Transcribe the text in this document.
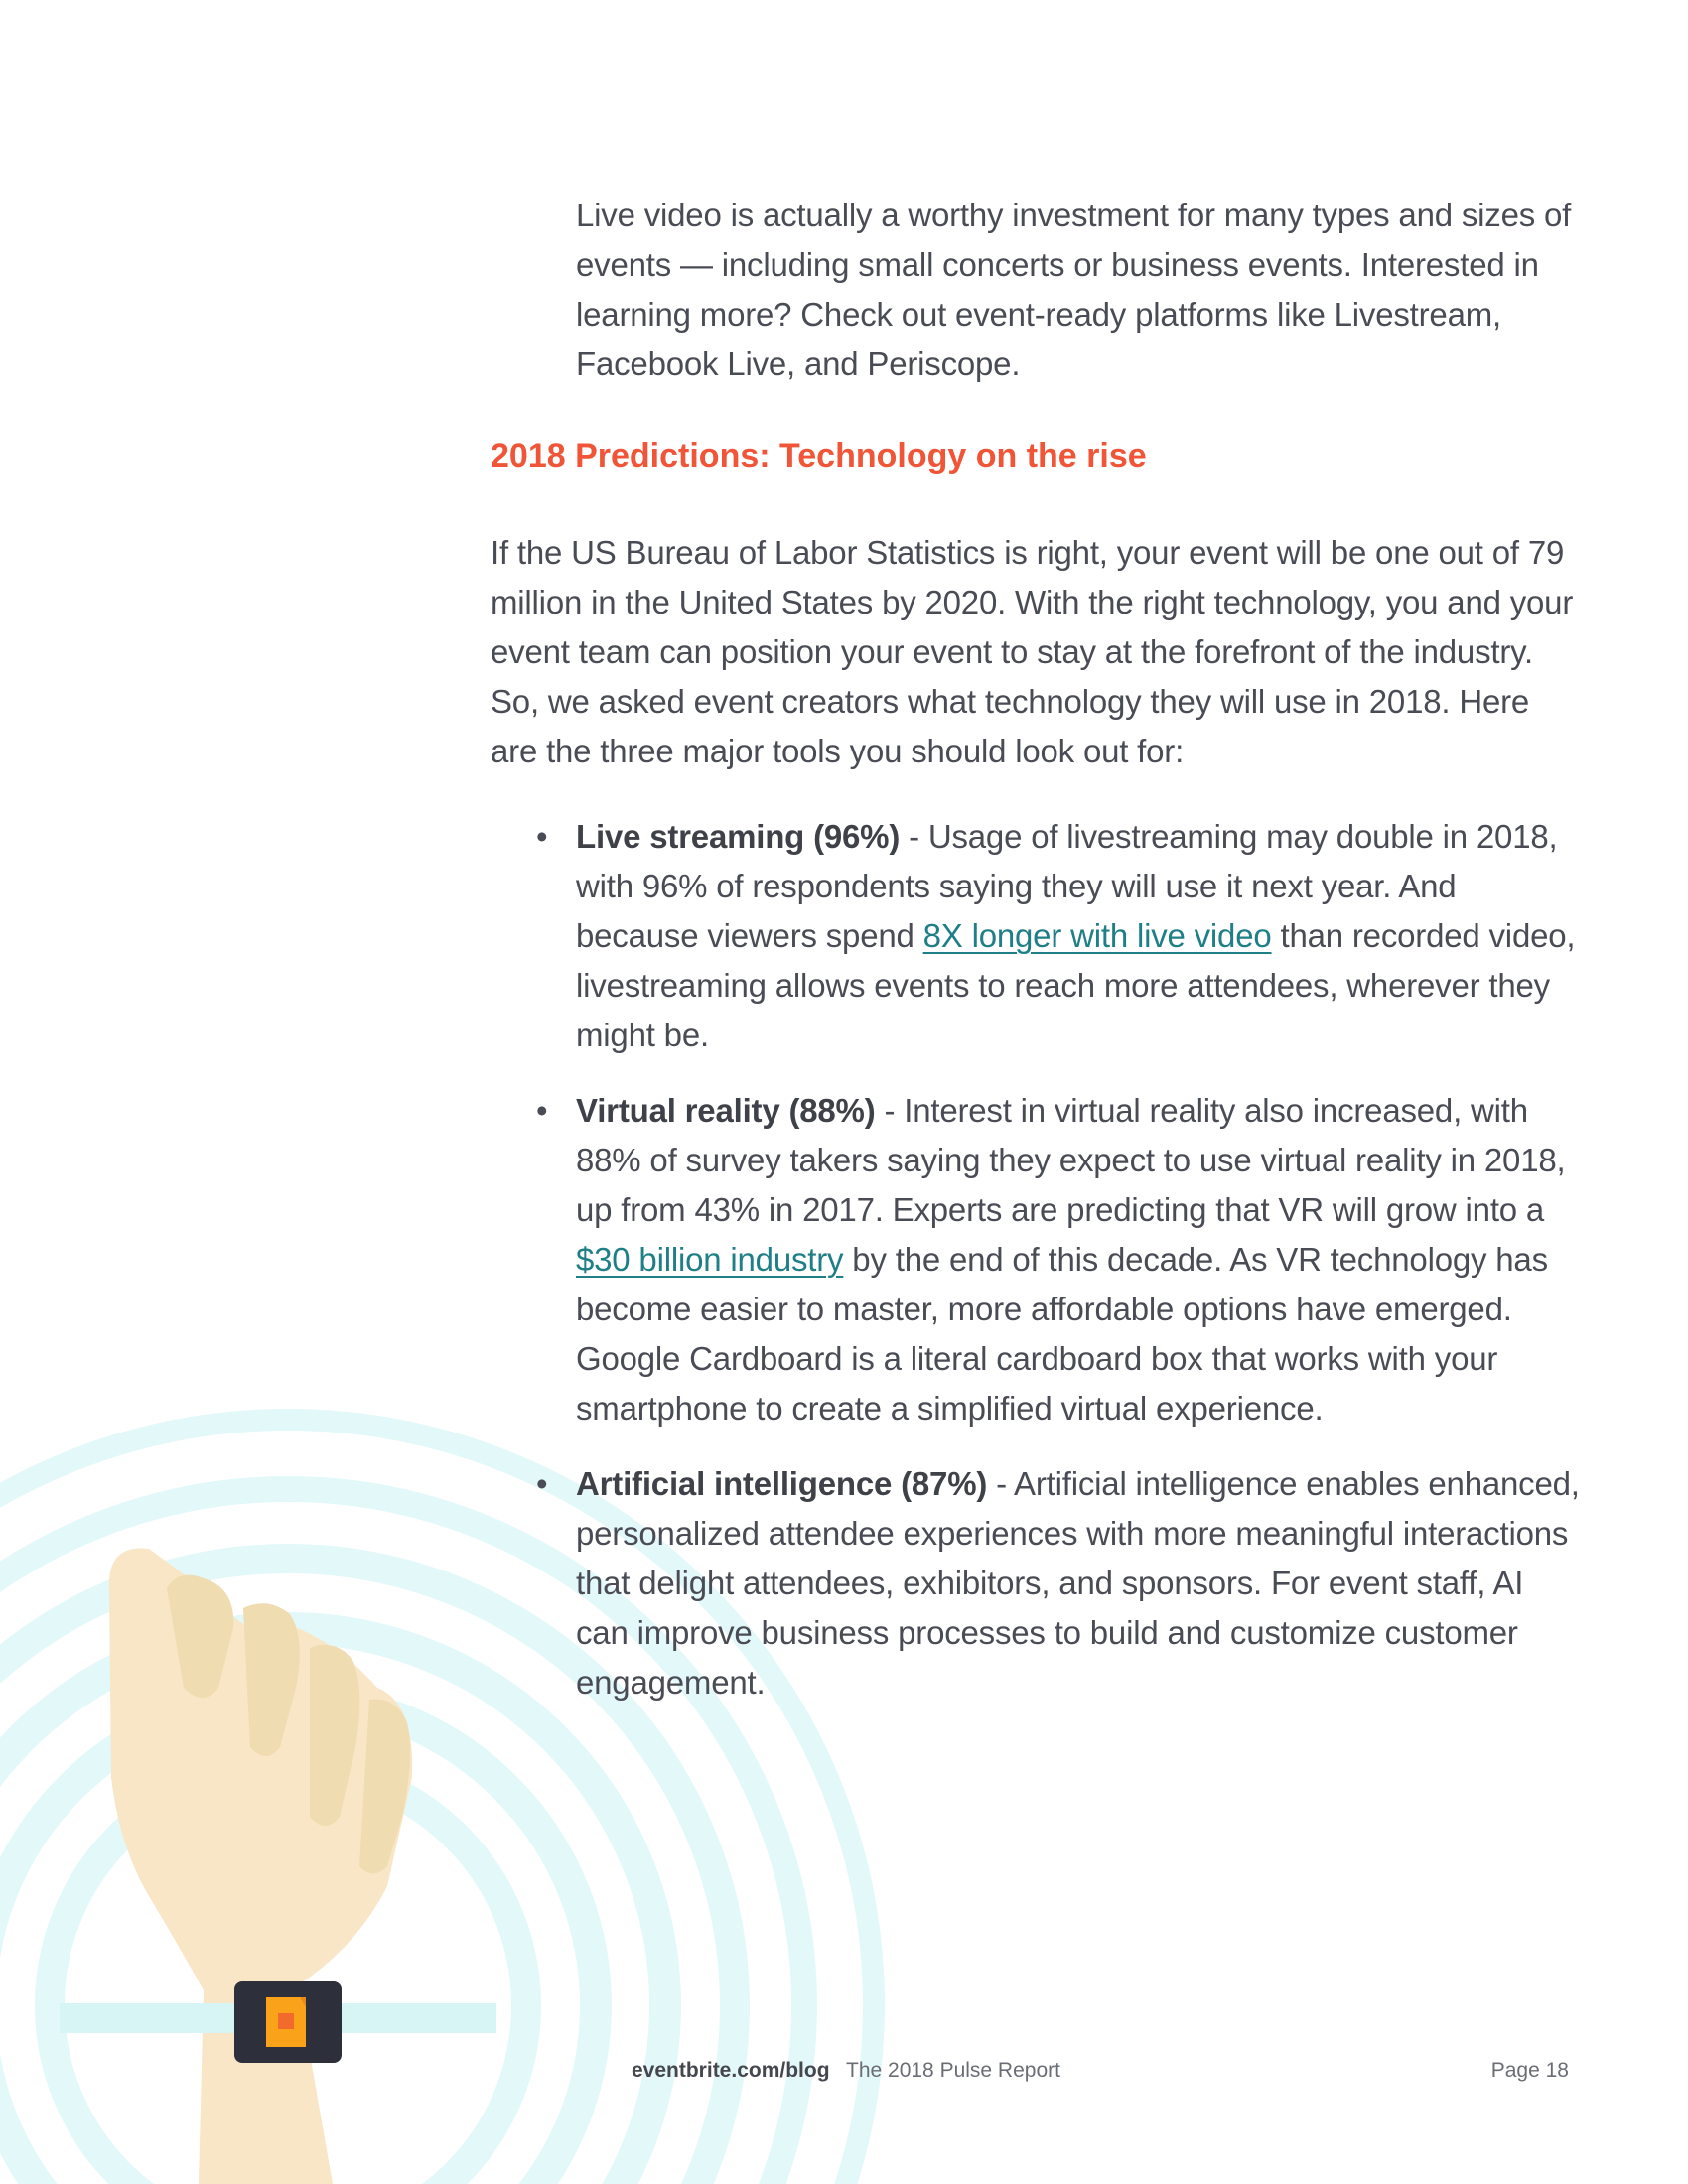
Live video is actually a worthy investment for many types and sizes of events — including small concerts or business events. Interested in learning more? Check out event-ready platforms like Livestream, Facebook Live, and Periscope.

2018 Predictions: Technology on the rise

If the US Bureau of Labor Statistics is right, your event will be one out of 79 million in the United States by 2020. With the right technology, you and your event team can position your event to stay at the forefront of the industry. So, we asked event creators what technology they will use in 2018. Here are the three major tools you should look out for:

• Live streaming (96%) - Usage of livestreaming may double in 2018, with 96% of respondents saying they will use it next year. And because viewers spend 8X longer with live video than recorded video, livestreaming allows events to reach more attendees, wherever they might be.
• Virtual reality (88%) - Interest in virtual reality also increased, with 88% of survey takers saying they expect to use virtual reality in 2018, up from 43% in 2017. Experts are predicting that VR will grow into a $30 billion industry by the end of this decade. As VR technology has become easier to master, more affordable options have emerged. Google Cardboard is a literal cardboard box that works with your smartphone to create a simplified virtual experience.
• Artificial intelligence (87%) - Artificial intelligence enables enhanced, personalized attendee experiences with more meaningful interactions that delight attendees, exhibitors, and sponsors. For event staff, AI can improve business processes to build and customize customer engagement.
eventbrite.com/blog The 2018 Pulse Report	Page 18
